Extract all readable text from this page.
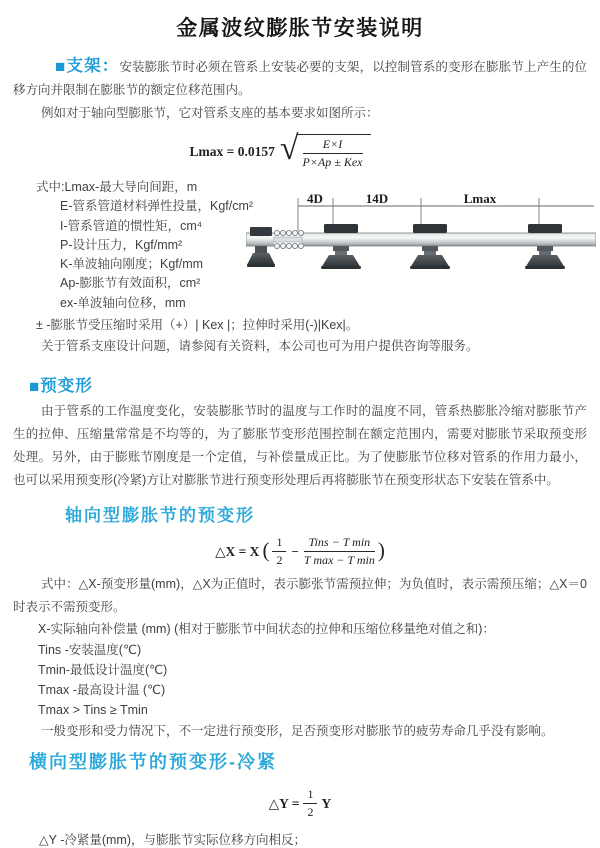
金属波纹膨胀节安装说明

■支架：安装膨胀节时必须在管系上安装必要的支架，以控制管系的变形在膨胀节上产生的位移方向并限制在膨胀节的额定位移范围内。

例如对于轴向型膨胀节，它对管系支座的基本要求如图所示：

Lmax = 0.0157 √ $\frac{E\times I}{\text{P×Ap ± Kex}}$
式中:Lmax-最大导向间距，m
E-管系管道材料弹性投量，Kgf/cm²
I-管系管道的惯性矩，cm⁴
P-设计压力，Kgf/mm²
K-单波轴向刚度；Kgf/mm
Ap-膨胀节有效面积，cm²
ex-单波轴向位移，mm
± -膨胀节受压缩时采用（+）| Kex |；拉伸时采用(-)|Kex|。

关于管系支座设计问题，请参阅有关资料，本公司也可为用户提供咨询等服务。

4D	14D	Lmax
■预变形

由于管系的工作温度变化，安装膨胀节时的温度与工作时的温度不同，管系热膨胀冷缩对膨胀节产生的拉伸、压缩量常常是不均等的，为了膨胀节变形范围控制在额定范围内，需要对膨胀节采取预变形处理。另外，由于膨账节刚度是一个定值，与补偿量成正比。为了使膨胀节位移对管系的作用力最小，也可以采用预变形(冷紧)方让对膨胀节进行预变形处理后再将膨胀节在预变形状态下安装在管系中。

轴向型膨胀节的预变形
△X = X ( $\frac{1}{2} - \frac{\text{Tins − T min}}{\text{T max − T min}}$ )

式中：△X-预变形量(mm)，△X为正值时，表示膨张节需预拉伸；为负值时，表示需预压缩；△X＝0时表示不需预变形。

X-实际轴向补偿量 (mm) (相对于膨胀节中间状态的拉伸和压缩位移量绝对值之和)：
Tins -安装温度(℃)
Tmin-最低设计温度(℃)
Tmax -最高设计温 (℃)
Tmax > Tins ≥ Tmin

一般变形和受力情况下，不一定进行预变形，足否预变形对膨胀节的疲劳寿命几乎没有影响。

横向型膨胀节的预变形-冷紧
△Y = $\frac{1}{2}$ Y
△Y -冷紧量(mm)，与膨胀节实际位移方向相反；
